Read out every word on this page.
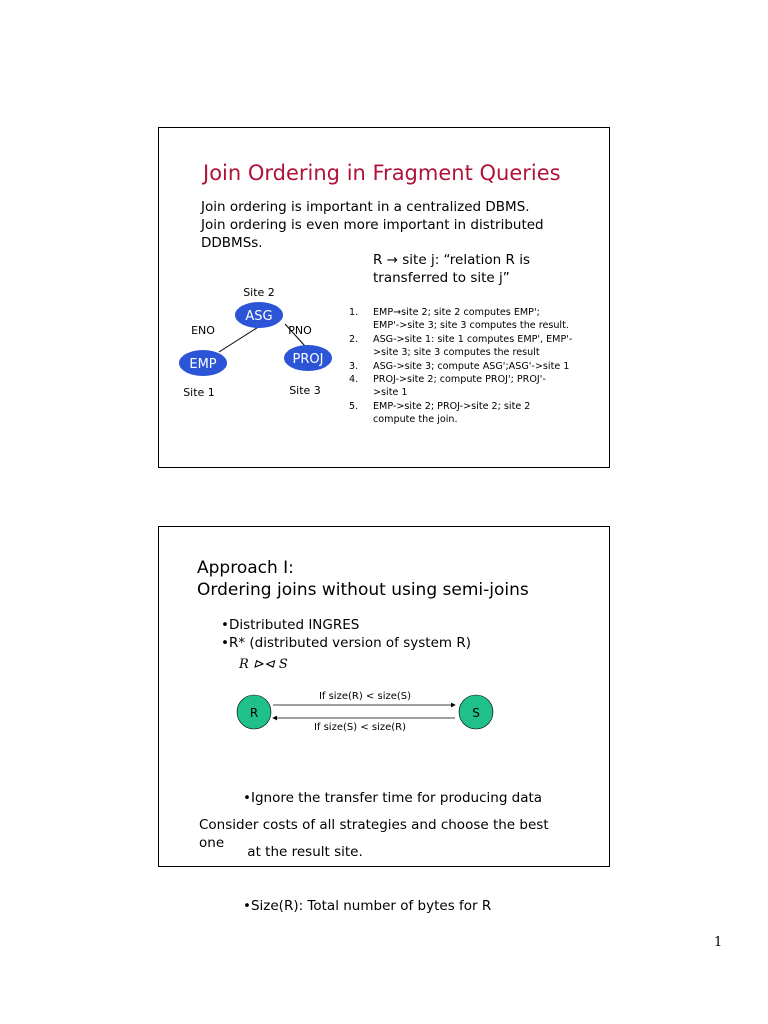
Join Ordering in Fragment Queries
Join ordering is important in a centralized DBMS.
Join ordering is even more important in distributed
DDBMSs.
R → site j: “relation R is
transferred to site j”
ASG
EMP	PROJ
Site 2
Site 1	Site 3
ENO	PNO
1. EMP→site 2; site 2 computes EMP';
EMP'->site 3; site 3 computes the result.
2. ASG->site 1: site 1 computes EMP', EMP'-
>site 3; site 3 computes the result
3. ASG->site 3; compute ASG';ASG'->site 1
4. PROJ->site 2; compute PROJ'; PROJ'-
>site 1
5. EMP->site 2; PROJ->site 2; site 2
compute the join.
Approach I:
Ordering joins without using semi-joins
•Distributed INGRES
•R* (distributed version of system R)
R ⊳⊲ S
R	S
If size(R) < size(S)
If size(S) < size(R)

•Ignore the transfer time for producing data

at the result site.

•Size(R): Total number of bytes for R

Consider costs of all strategies and choose the best
one
1
